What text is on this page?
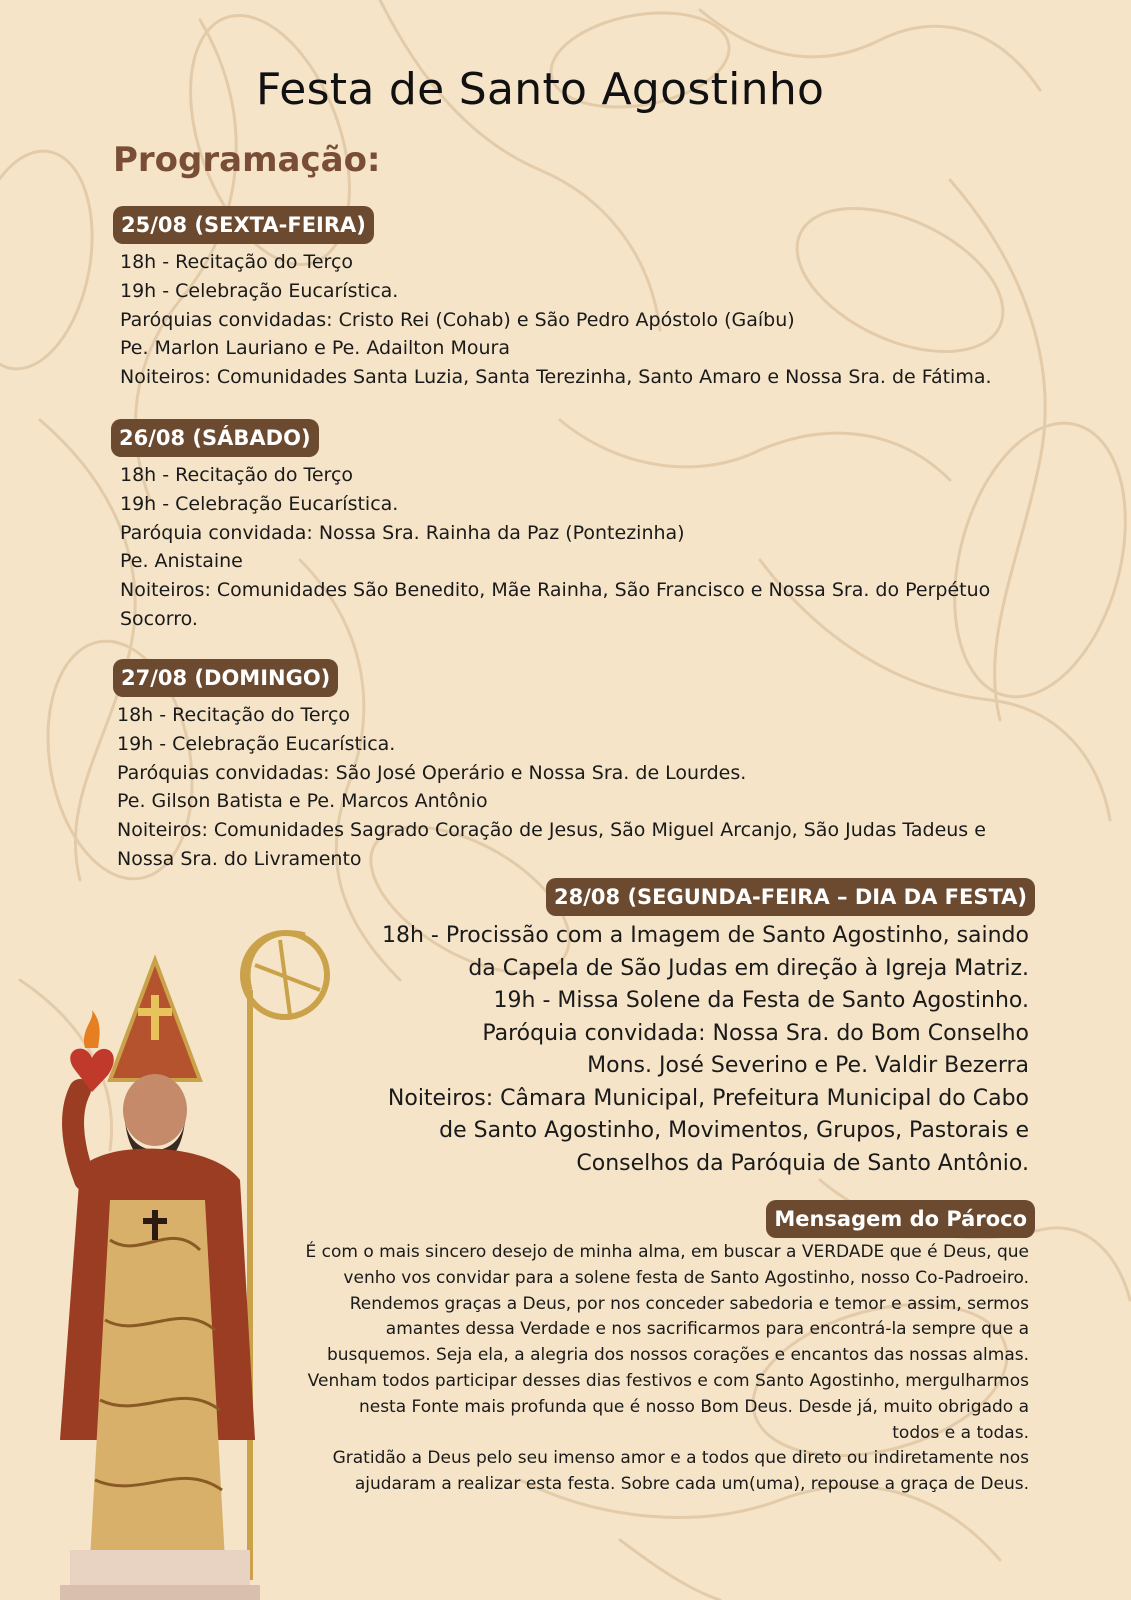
Festa de Santo Agostinho
Programação:
25/08 (SEXTA-FEIRA)
18h - Recitação do Terço
19h - Celebração Eucarística.
Paróquias convidadas: Cristo Rei (Cohab) e São Pedro Apóstolo (Gaíbu)
Pe. Marlon Lauriano e Pe. Adailton Moura
Noiteiros: Comunidades Santa Luzia, Santa Terezinha, Santo Amaro e Nossa Sra. de Fátima.
26/08 (SÁBADO)
18h - Recitação do Terço
19h - Celebração Eucarística.
Paróquia convidada: Nossa Sra. Rainha da Paz (Pontezinha)
Pe. Anistaine
Noiteiros: Comunidades São Benedito, Mãe Rainha, São Francisco e Nossa Sra. do Perpétuo
Socorro.
27/08 (DOMINGO)
18h - Recitação do Terço
19h - Celebração Eucarística.
Paróquias convidadas: São José Operário e Nossa Sra. de Lourdes.
Pe. Gilson Batista e Pe. Marcos Antônio
Noiteiros: Comunidades Sagrado Coração de Jesus, São Miguel Arcanjo, São Judas Tadeus e
Nossa Sra. do Livramento
28/08 (SEGUNDA-FEIRA – DIA DA FESTA)
18h - Procissão com a Imagem de Santo Agostinho, saindo
da Capela de São Judas em direção à Igreja Matriz.
19h - Missa Solene da Festa de Santo Agostinho.
Paróquia convidada: Nossa Sra. do Bom Conselho
Mons. José Severino e Pe. Valdir Bezerra
Noiteiros: Câmara Municipal, Prefeitura Municipal do Cabo
de Santo Agostinho, Movimentos, Grupos, Pastorais e
Conselhos da Paróquia de Santo Antônio.
Mensagem do Pároco
É com o mais sincero desejo de minha alma, em buscar a VERDADE que é Deus, que
venho vos convidar para a solene festa de Santo Agostinho, nosso Co-Padroeiro.
Rendemos graças a Deus, por nos conceder sabedoria e temor e assim, sermos
amantes dessa Verdade e nos sacrificarmos para encontrá-la sempre que a
busquemos. Seja ela, a alegria dos nossos corações e encantos das nossas almas.
Venham todos participar desses dias festivos e com Santo Agostinho, mergulharmos
nesta Fonte mais profunda que é nosso Bom Deus. Desde já, muito obrigado a
todos e a todas.
Gratidão a Deus pelo seu imenso amor e a todos que direto ou indiretamente nos
ajudaram a realizar esta festa. Sobre cada um(uma), repouse a graça de Deus.
